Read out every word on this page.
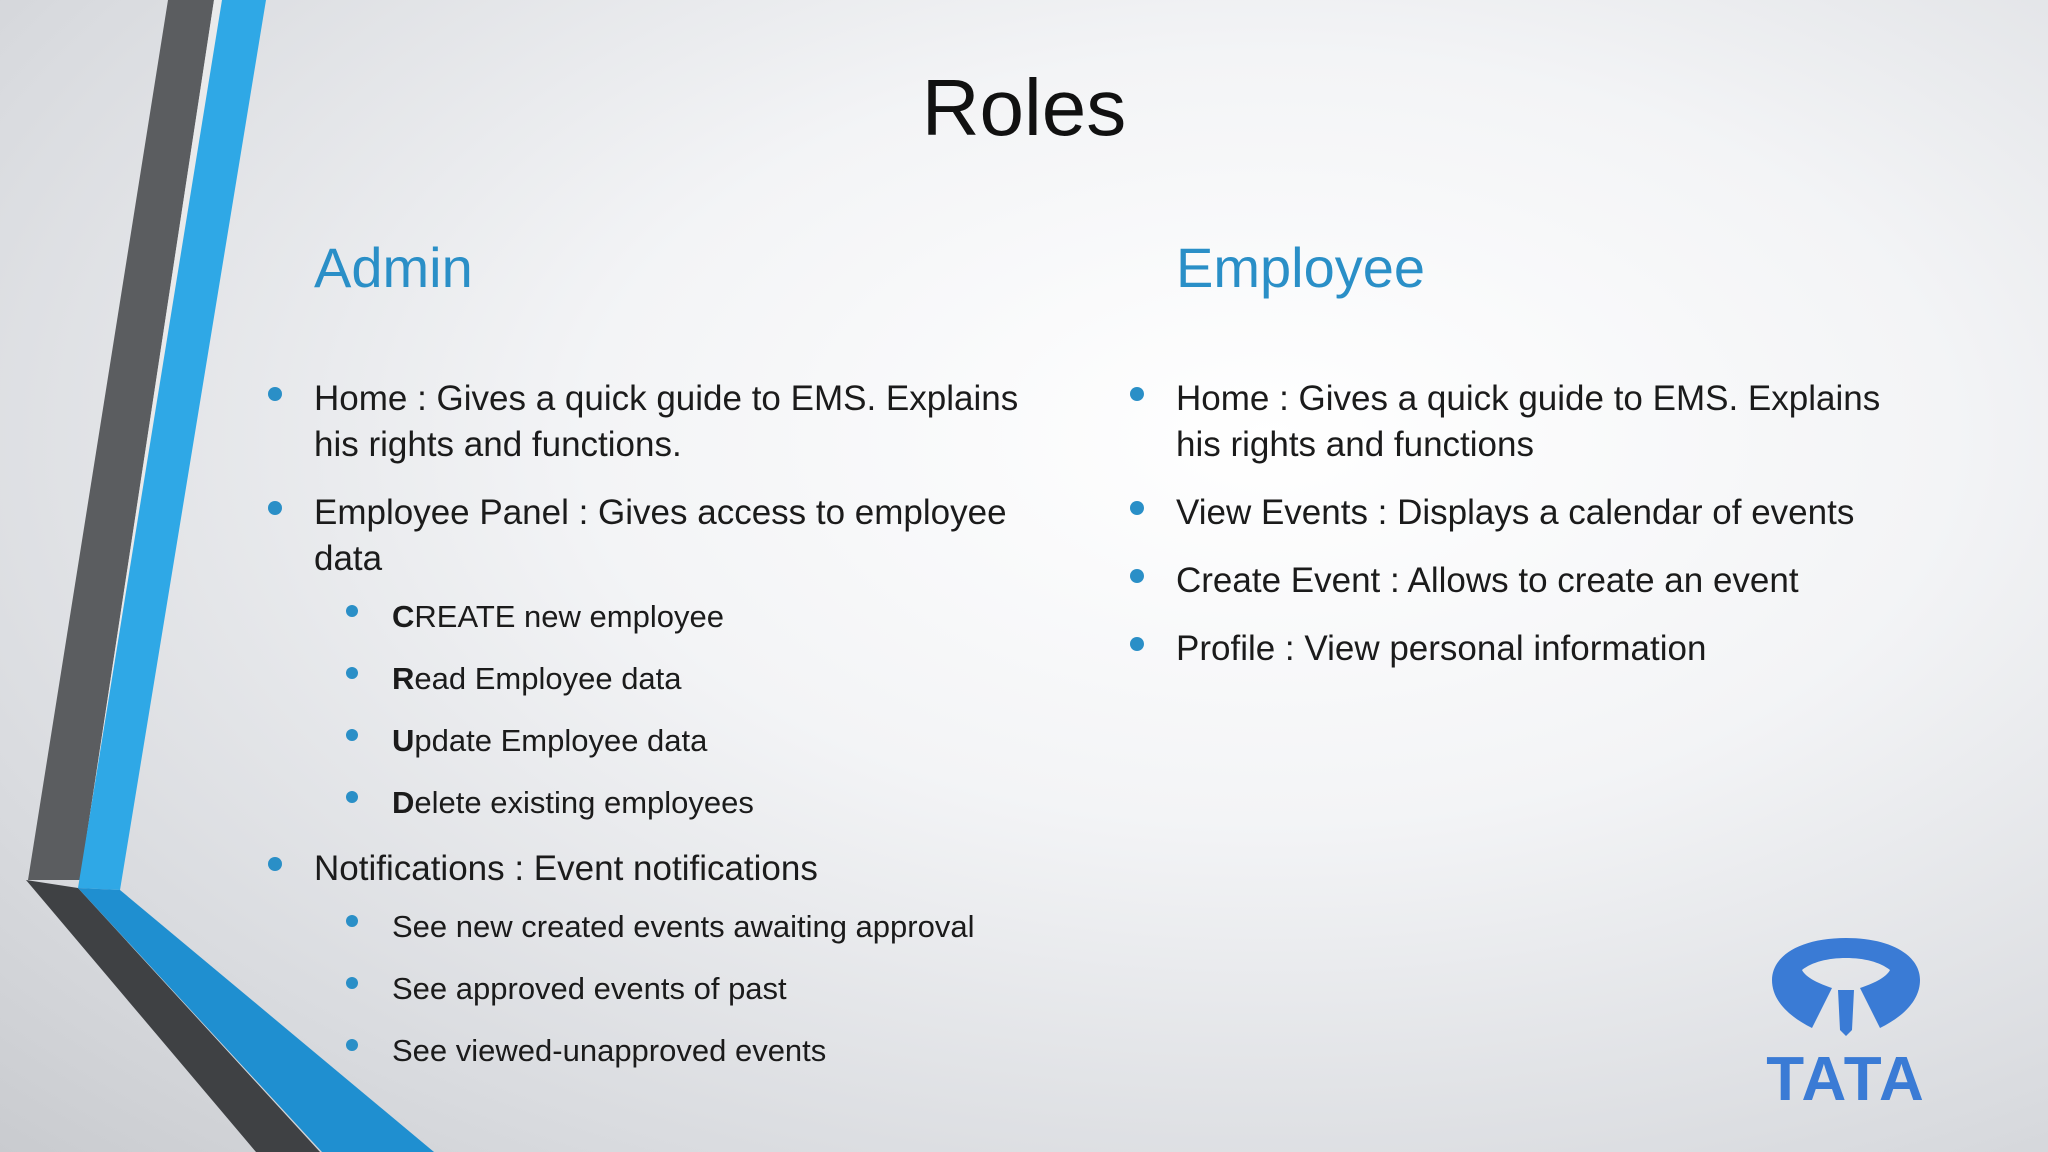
Roles
Admin
Home : Gives a quick guide to EMS. Explains his rights and functions.
Employee Panel : Gives access to employee data
CREATE new employee
Read Employee data
Update Employee data
Delete existing employees
Notifications : Event notifications
See new created events awaiting approval
See approved events of past
See viewed-unapproved events
Employee
Home : Gives a quick guide to EMS. Explains his rights and functions
View Events : Displays a calendar of events
Create Event : Allows to create an event
Profile : View personal information
TATA
